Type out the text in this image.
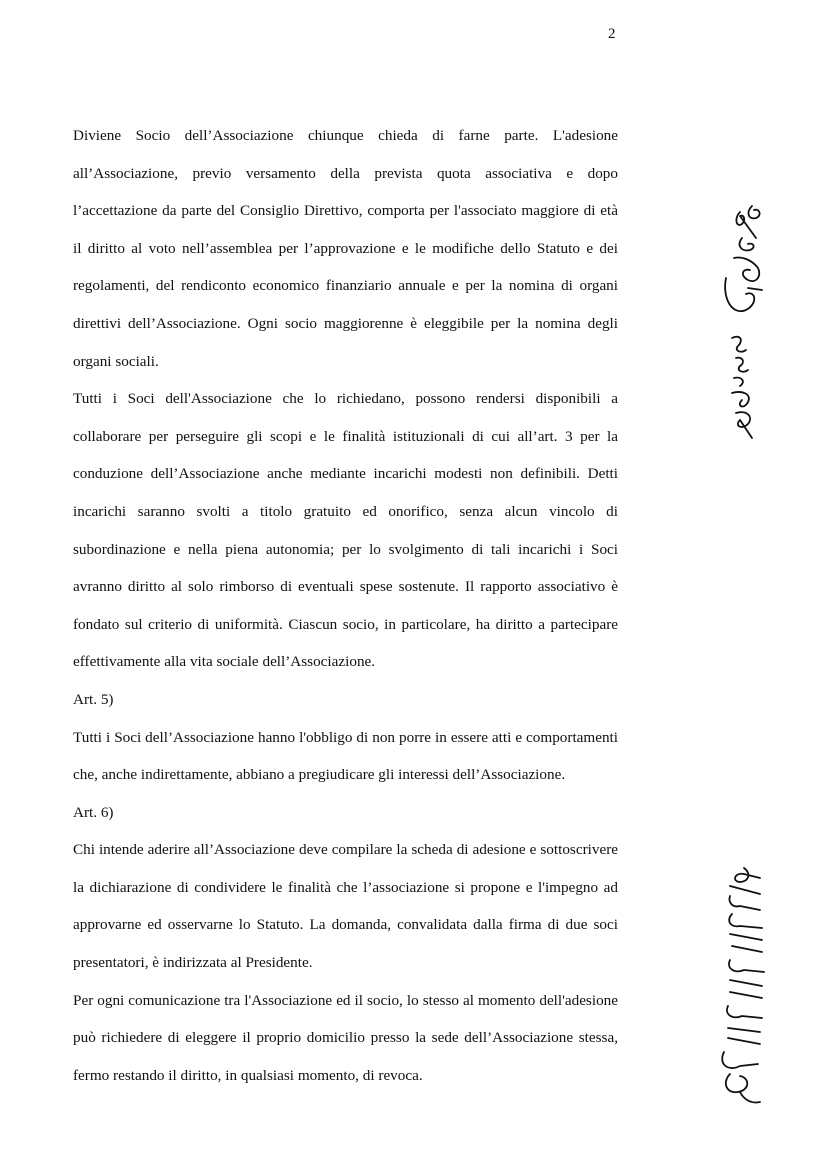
2

Diviene Socio dell’Associazione chiunque chieda di farne parte. L'adesione all’Associazione, previo versamento della prevista quota associativa e dopo l’accettazione da parte del Consiglio Direttivo, comporta per l'associato maggiore di età il diritto al voto nell’assemblea per l’approvazione e le modifiche dello Statuto e dei regolamenti, del rendiconto economico finanziario annuale e per la nomina di organi direttivi dell’Associazione. Ogni socio maggiorenne è eleggibile per la nomina degli organi sociali.

Tutti i Soci dell'Associazione che lo richiedano, possono rendersi disponibili a collaborare per perseguire gli scopi e le finalità istituzionali di cui all’art. 3 per la conduzione dell’Associazione anche mediante incarichi modesti non definibili. Detti incarichi saranno svolti a titolo gratuito ed onorifico, senza alcun vincolo di subordinazione e nella piena autonomia; per lo svolgimento di tali incarichi i Soci avranno diritto al solo rimborso di eventuali spese sostenute. Il rapporto associativo è fondato sul criterio di uniformità. Ciascun socio, in particolare, ha diritto a partecipare effettivamente alla vita sociale dell’Associazione.

Art. 5)

Tutti i Soci dell’Associazione hanno l'obbligo di non porre in essere atti e comportamenti che, anche indirettamente, abbiano a pregiudicare gli interessi dell’Associazione.

Art. 6)

Chi intende aderire all’Associazione deve compilare la scheda di adesione e sottoscrivere la dichiarazione di condividere le finalità che l’associazione si propone e l'impegno ad approvarne ed osservarne lo Statuto. La domanda, convalidata dalla firma di due soci presentatori, è indirizzata al Presidente.

Per ogni comunicazione tra l'Associazione ed il socio, lo stesso al momento dell'adesione può richiedere di eleggere il proprio domicilio presso la sede dell’Associazione stessa, fermo restando il diritto, in qualsiasi momento, di revoca.
